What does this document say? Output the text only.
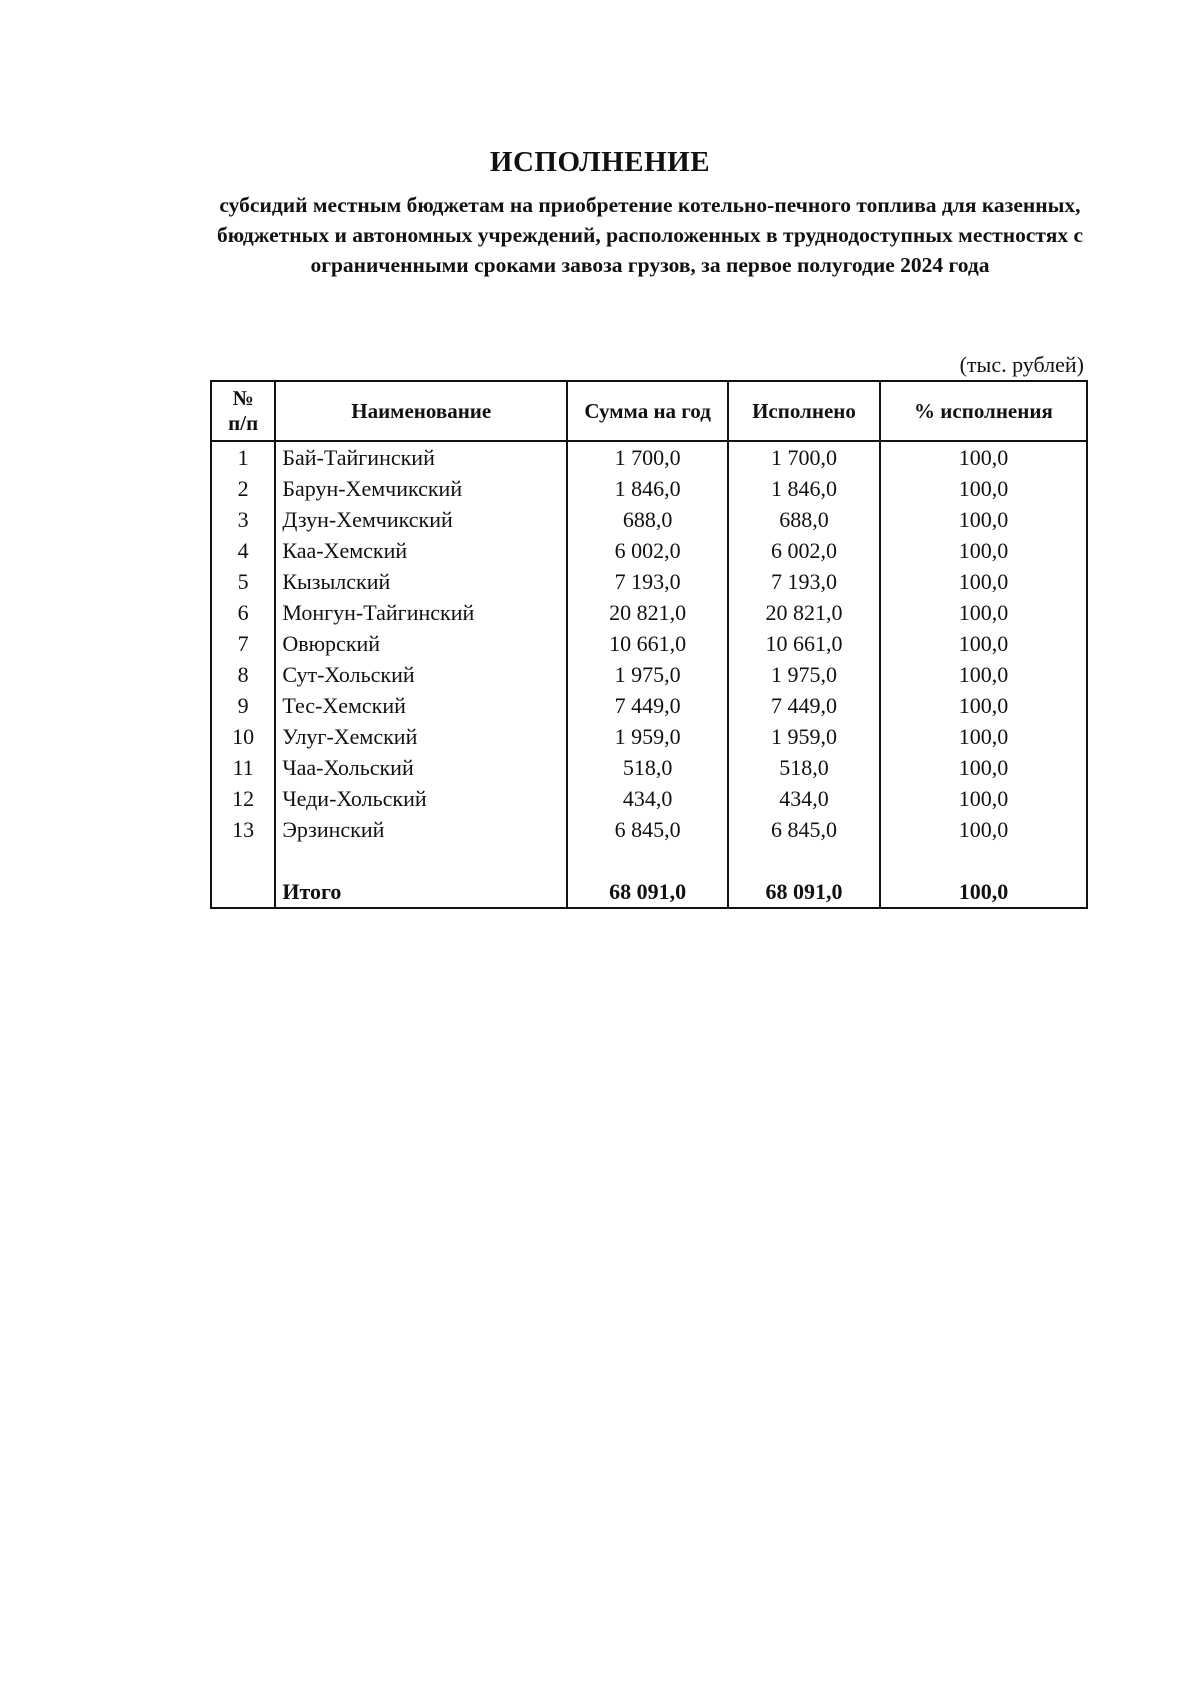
ИСПОЛНЕНИЕ

субсидий местным бюджетам на приобретение котельно-печного топлива для казенных, бюджетных и автономных учреждений, расположенных в труднодоступных местностях с ограниченными сроками завоза грузов, за первое полугодие 2024 года

(тыс. рублей)

№
п/п	Наименование	Сумма на год	Исполнено	% исполнения
1	Бай-Тайгинский	1 700,0	1 700,0	100,0
2	Барун-Хемчикский	1 846,0	1 846,0	100,0
3	Дзун-Хемчикский	688,0	688,0	100,0
4	Каа-Хемский	6 002,0	6 002,0	100,0
5	Кызылский	7 193,0	7 193,0	100,0
6	Монгун-Тайгинский	20 821,0	20 821,0	100,0
7	Овюрский	10 661,0	10 661,0	100,0
8	Сут-Хольский	1 975,0	1 975,0	100,0
9	Тес-Хемский	7 449,0	7 449,0	100,0
10	Улуг-Хемский	1 959,0	1 959,0	100,0
11	Чаа-Хольский	518,0	518,0	100,0
12	Чеди-Хольский	434,0	434,0	100,0
13	Эрзинский	6 845,0	6 845,0	100,0

	Итого	68 091,0	68 091,0	100,0
